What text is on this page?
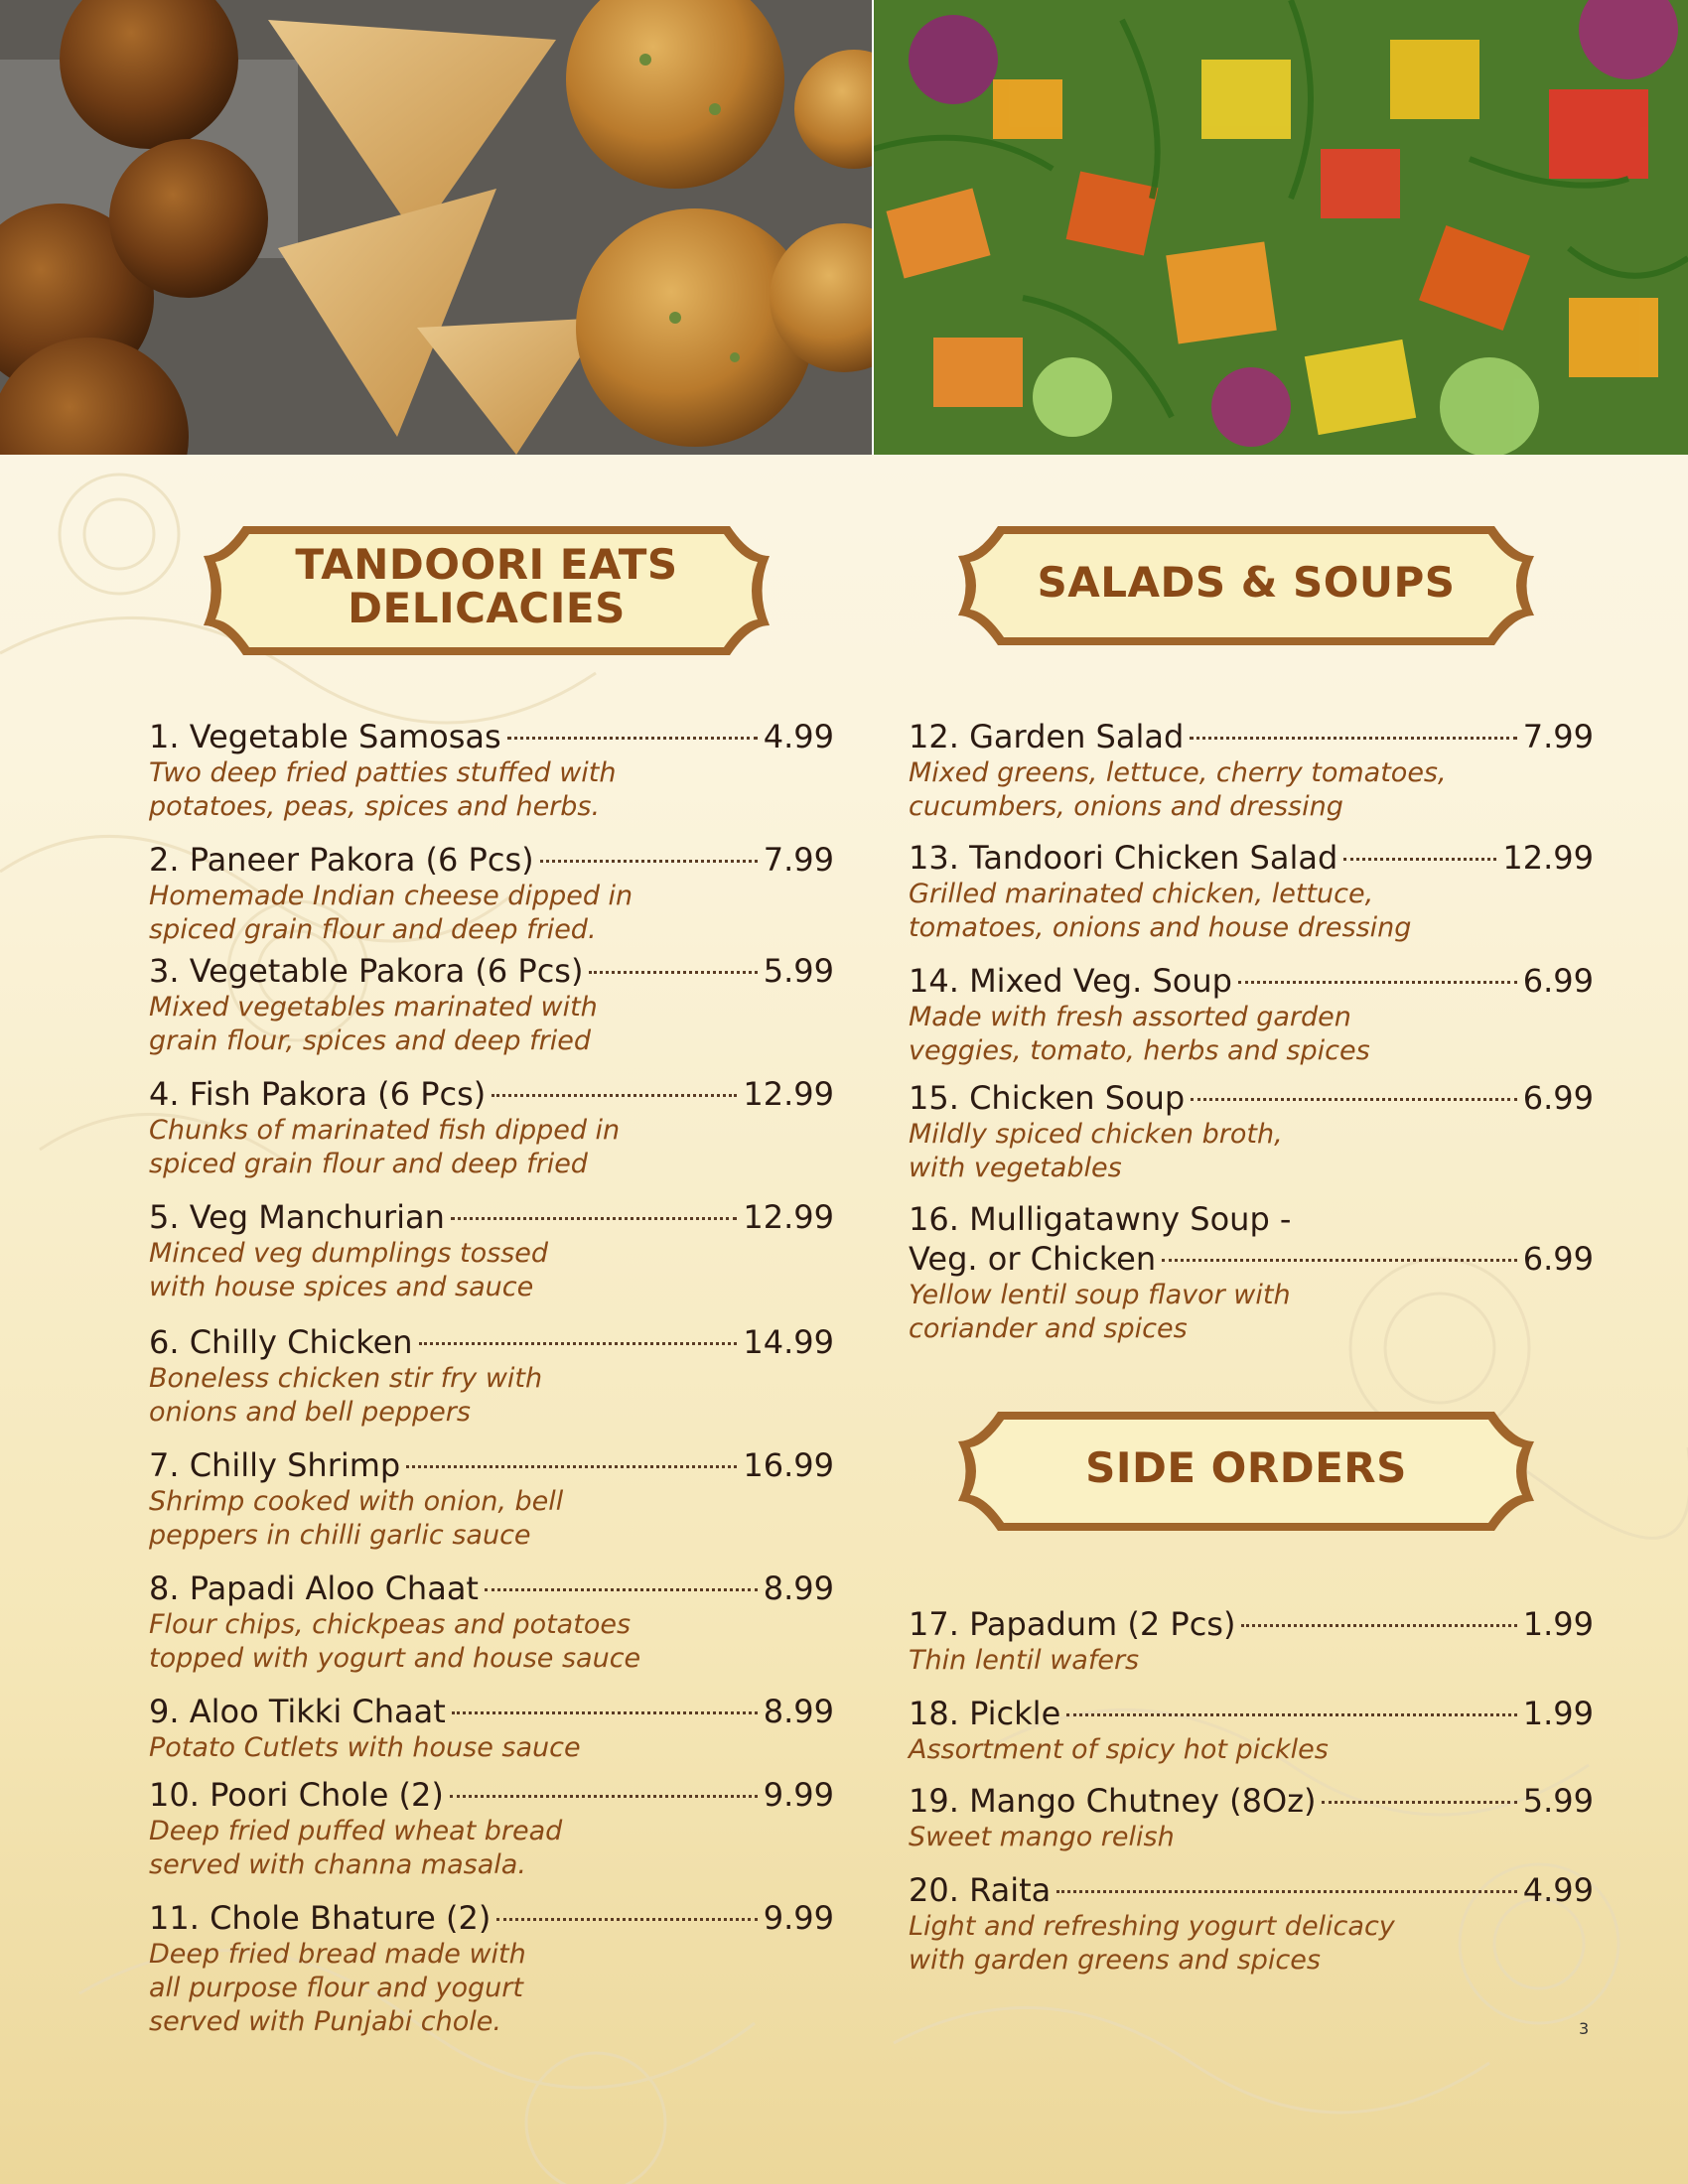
TANDOORI EATS
DELICACIES
SALADS & SOUPS
SIDE ORDERS
1. Vegetable Samosas	4.99
Two deep fried patties stuffed with
potatoes, peas, spices and herbs.
2. Paneer Pakora (6 Pcs)	7.99
Homemade Indian cheese dipped in
spiced grain flour and deep fried.
3. Vegetable Pakora (6 Pcs)	5.99
Mixed vegetables marinated with
grain flour, spices and deep fried
4. Fish Pakora (6 Pcs)	12.99
Chunks of marinated fish dipped in
spiced grain flour and deep fried
5. Veg Manchurian	12.99
Minced veg dumplings tossed
with house spices and sauce
6. Chilly Chicken	14.99
Boneless chicken stir fry with
onions and bell peppers
7. Chilly Shrimp	16.99
Shrimp cooked with onion, bell
peppers in chilli garlic sauce
8. Papadi Aloo Chaat	8.99
Flour chips, chickpeas and potatoes
topped with yogurt and house sauce
9. Aloo Tikki Chaat	8.99
Potato Cutlets with house sauce
10. Poori Chole (2)	9.99
Deep fried puffed wheat bread
served with channa masala.
11. Chole Bhature (2)	9.99
Deep fried bread made with
all purpose flour and yogurt
served with Punjabi chole.
12. Garden Salad	7.99
Mixed greens, lettuce, cherry tomatoes,
cucumbers, onions and dressing
13. Tandoori Chicken Salad	12.99
Grilled marinated chicken, lettuce,
tomatoes, onions and house dressing
14. Mixed Veg. Soup	6.99
Made with fresh assorted garden
veggies, tomato, herbs and spices
15. Chicken Soup	6.99
Mildly spiced chicken broth,
with vegetables
16. Mulligatawny Soup -
Veg. or Chicken	6.99
Yellow lentil soup flavor with
coriander and spices
17. Papadum (2 Pcs)	1.99
Thin lentil wafers
18. Pickle	1.99
Assortment of spicy hot pickles
19. Mango Chutney (8Oz)	5.99
Sweet mango relish
20. Raita	4.99
Light and refreshing yogurt delicacy
with garden greens and spices
3
